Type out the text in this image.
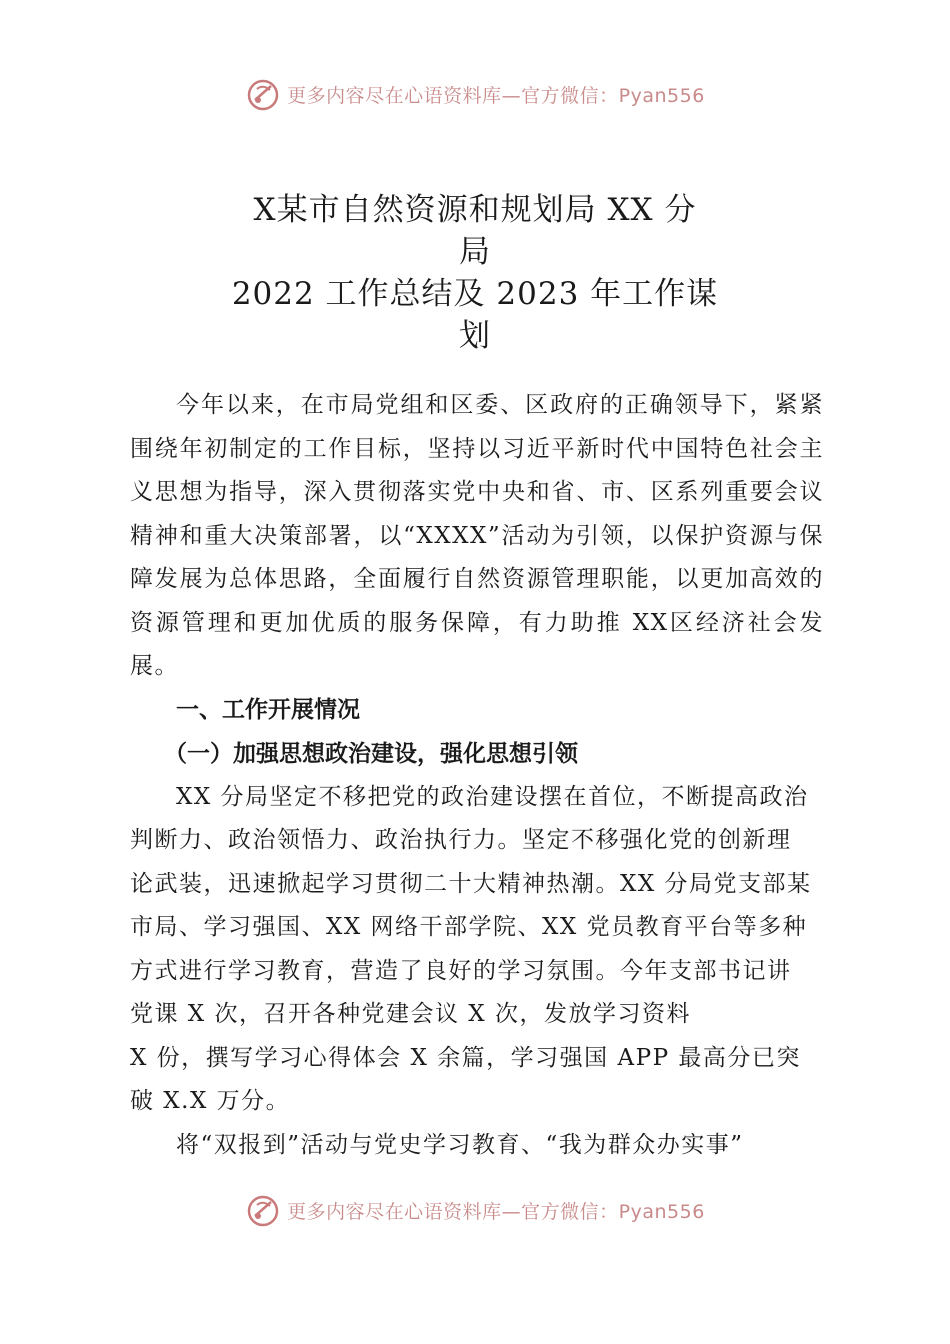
更多内容尽在心语资料库—官方微信：Pyan556
X某市自然资源和规划局 XX 分
局
2022 工作总结及 2023 年工作谋
划

今年以来，在市局党组和区委、区政府的正确领导下，紧紧围绕年初制定的工作目标，坚持以习近平新时代中国特色社会主义思想为指导，深入贯彻落实党中央和省、市、区系列重要会议精神和重大决策部署，以“XXXX”活动为引领，以保护资源与保障发展为总体思路，全面履行自然资源管理职能，以更加高效的资源管理和更加优质的服务保障，有力助推 XX区经济社会发展。

一、工作开展情况
（一）加强思想政治建设，强化思想引领

XX 分局坚定不移把党的政治建设摆在首位，不断提高政治
判断力、政治领悟力、政治执行力。坚定不移强化党的创新理
论武装，迅速掀起学习贯彻二十大精神热潮。XX 分局党支部某
市局、学习强国、XX 网络干部学院、XX 党员教育平台等多种
方式进行学习教育，营造了良好的学习氛围。今年支部书记讲
党课 X 次，召开各种党建会议 X 次，发放学习资料
X 份，撰写学习心得体会 X 余篇，学习强国 APP 最高分已突
破 X.X 万分。

将“双报到”活动与党史学习教育、“我为群众办实事”

更多内容尽在心语资料库—官方微信：Pyan556
